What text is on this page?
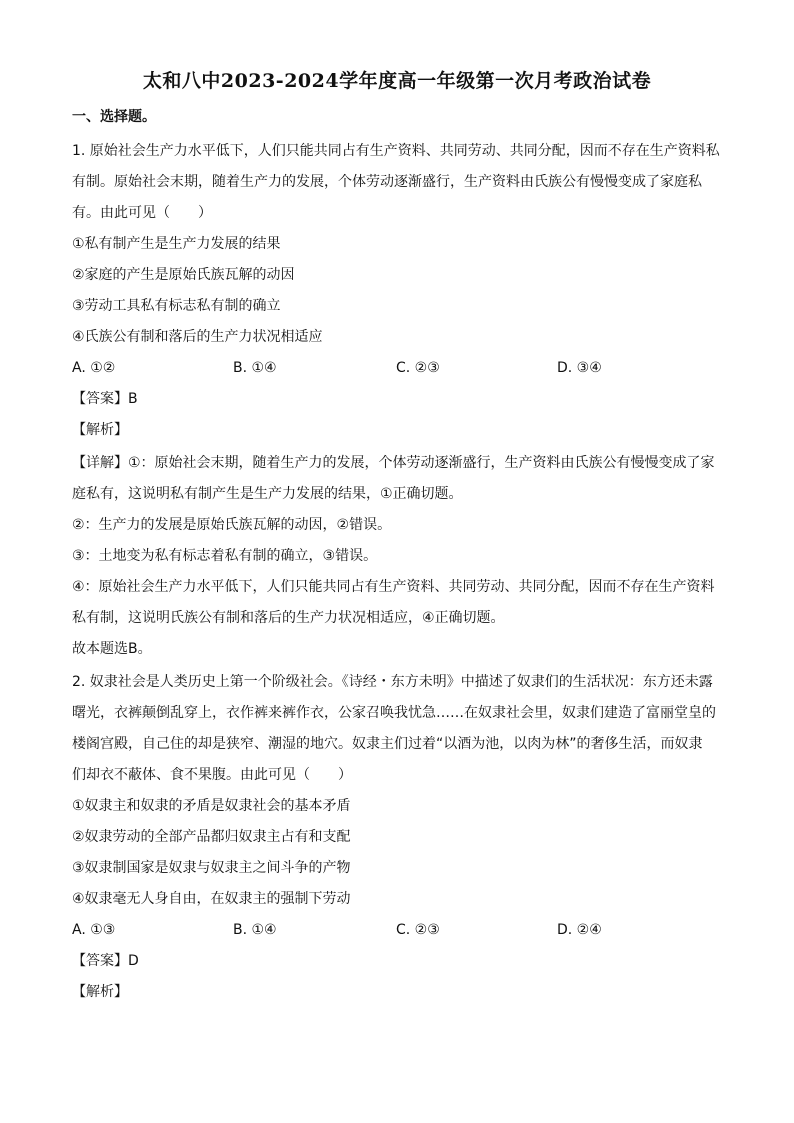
太和八中2023-2024学年度高一年级第一次月考政治试卷
一、选择题。
1. 原始社会生产力水平低下，人们只能共同占有生产资料、共同劳动、共同分配，因而不存在生产资料私
有制。原始社会末期，随着生产力的发展，个体劳动逐渐盛行，生产资料由氏族公有慢慢变成了家庭私
有。由此可见（　　）
①私有制产生是生产力发展的结果
②家庭的产生是原始氏族瓦解的动因
③劳动工具私有标志私有制的确立
④氏族公有制和落后的生产力状况相适应
A. ①②	B. ①④	C. ②③	D. ③④
【答案】B
【解析】
【详解】①：原始社会末期，随着生产力的发展，个体劳动逐渐盛行，生产资料由氏族公有慢慢变成了家
庭私有，这说明私有制产生是生产力发展的结果，①正确切题。
②：生产力的发展是原始氏族瓦解的动因，②错误。
③：土地变为私有标志着私有制的确立，③错误。
④：原始社会生产力水平低下，人们只能共同占有生产资料、共同劳动、共同分配，因而不存在生产资料
私有制，这说明氏族公有制和落后的生产力状况相适应，④正确切题。
故本题选B。
2. 奴隶社会是人类历史上第一个阶级社会。《诗经・东方未明》中描述了奴隶们的生活状况：东方还未露
曙光，衣裤颠倒乱穿上，衣作裤来裤作衣，公家召唤我忧急……在奴隶社会里，奴隶们建造了富丽堂皇的
楼阁宫殿，自己住的却是狭窄、潮湿的地穴。奴隶主们过着“以酒为池，以肉为林”的奢侈生活，而奴隶
们却衣不蔽体、食不果腹。由此可见（　　）
①奴隶主和奴隶的矛盾是奴隶社会的基本矛盾
②奴隶劳动的全部产品都归奴隶主占有和支配
③奴隶制国家是奴隶与奴隶主之间斗争的产物
④奴隶毫无人身自由，在奴隶主的强制下劳动
A. ①③	B. ①④	C. ②③	D. ②④
【答案】D
【解析】
